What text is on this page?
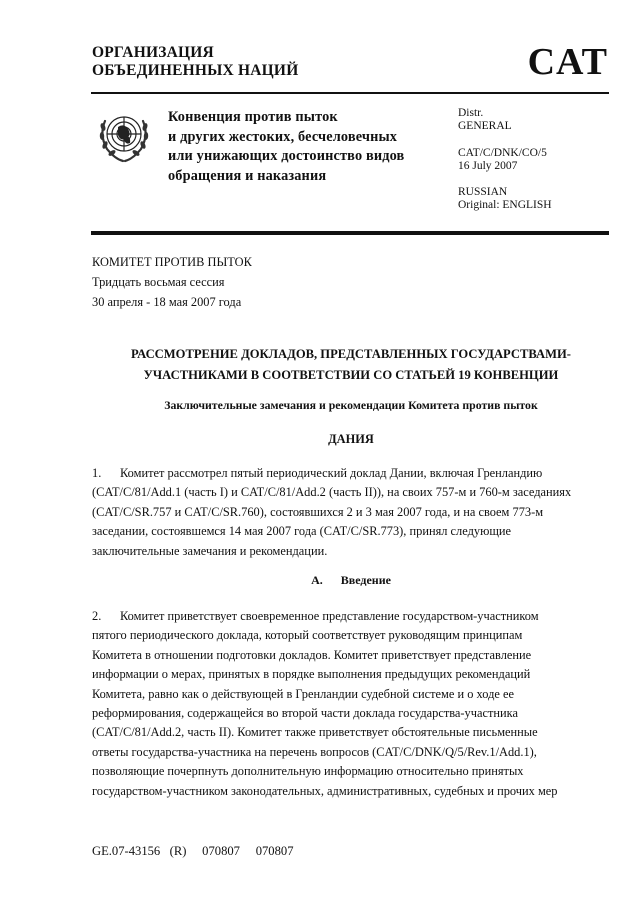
ОРГАНИЗАЦИЯ
ОБЪЕДИНЕННЫХ НАЦИЙ	CAT
Конвенция против пыток
и других жестоких, бесчеловечных
или унижающих достоинство видов
обращения и наказания
Distr.
GENERAL
CAT/C/DNK/CO/5
16 July 2007
RUSSIAN
Original: ENGLISH
КОМИТЕТ ПРОТИВ ПЫТОК
Тридцать восьмая сессия
30 апреля - 18 мая 2007 года
РАССМОТРЕНИЕ ДОКЛАДОВ, ПРЕДСТАВЛЕННЫХ ГОСУДАРСТВАМИ-
УЧАСТНИКАМИ В СООТВЕТСТВИИ СО СТАТЬЕЙ 19 КОНВЕНЦИИ
Заключительные замечания и рекомендации Комитета против пыток
ДАНИЯ
1. Комитет рассмотрел пятый периодический доклад Дании, включая Гренландию
(CAT/C/81/Add.1 (часть I) и CAT/C/81/Add.2 (часть II)), на своих 757-м и 760-м заседаниях
(CAT/C/SR.757 и CAT/C/SR.760), состоявшихся 2 и 3 мая 2007 года, и на своем 773-м
заседании, состоявшемся 14 мая 2007 года (CAT/C/SR.773), принял следующие
заключительные замечания и рекомендации.
A. Введение
2. Комитет приветствует своевременное представление государством-участником
пятого периодического доклада, который соответствует руководящим принципам
Комитета в отношении подготовки докладов. Комитет приветствует представление
информации о мерах, принятых в порядке выполнения предыдущих рекомендаций
Комитета, равно как о действующей в Гренландии судебной системе и о ходе ее
реформирования, содержащейся во второй части доклада государства-участника
(CAT/C/81/Add.2, часть II). Комитет также приветствует обстоятельные письменные
ответы государства-участника на перечень вопросов (CAT/C/DNK/Q/5/Rev.1/Add.1),
позволяющие почерпнуть дополнительную информацию относительно принятых
государством-участником законодательных, административных, судебных и прочих мер
GE.07-43156   (R)     070807     070807
